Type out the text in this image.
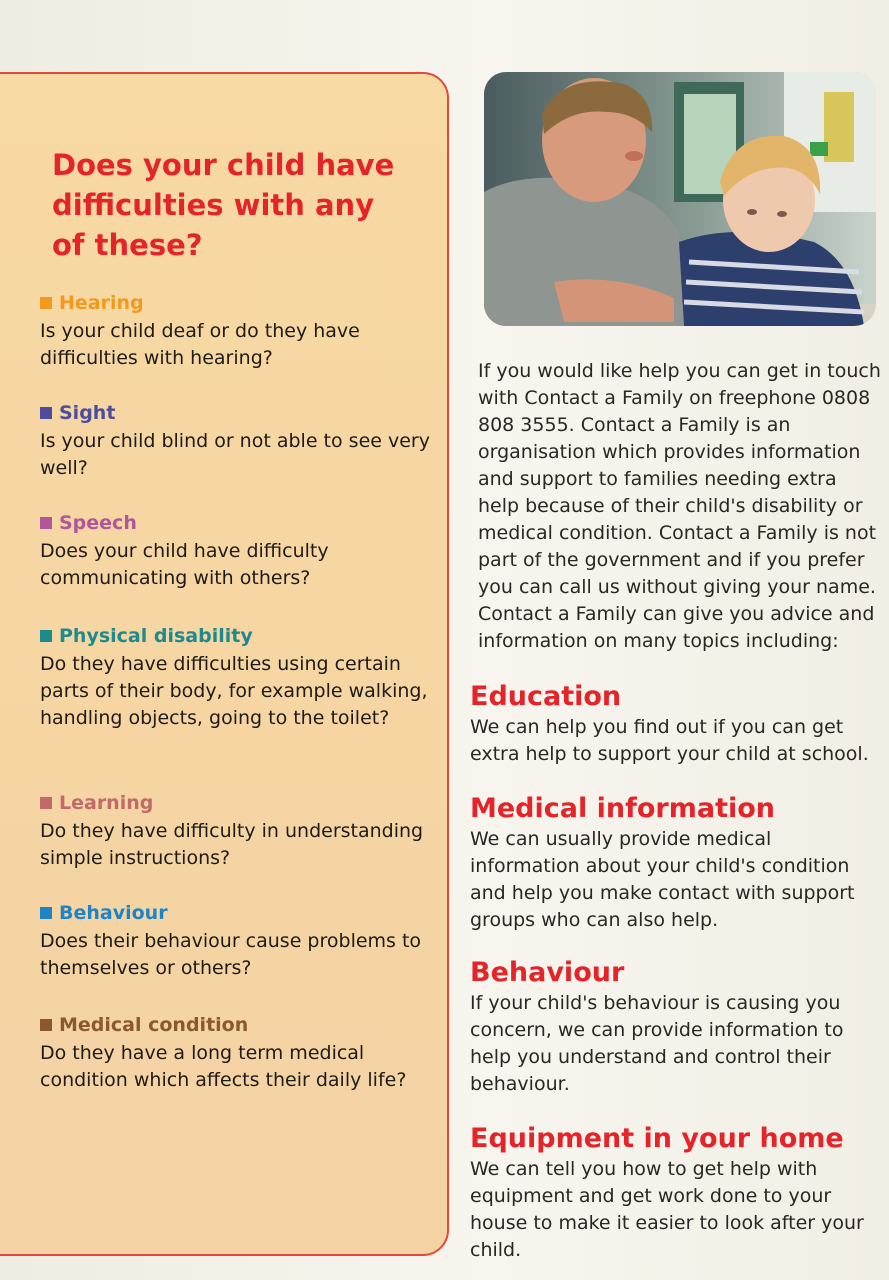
Does your child have difficulties with any of these?
Hearing
Is your child deaf or do they have difficulties with hearing?
Sight
Is your child blind or not able to see very well?
Speech
Does your child have difficulty communicating with others?
Physical disability
Do they have difficulties using certain parts of their body, for example walking, handling objects, going to the toilet?
Learning
Do they have difficulty in understanding simple instructions?
Behaviour
Does their behaviour cause problems to themselves or others?
Medical condition
Do they have a long term medical condition which affects their daily life?

If you would like help you can get in touch with Contact a Family on freephone 0808 808 3555. Contact a Family is an organisation which provides information and support to families needing extra help because of their child's disability or medical condition. Contact a Family is not part of the government and if you prefer you can call us without giving your name. Contact a Family can give you advice and information on many topics including:

Education

We can help you find out if you can get extra help to support your child at school.

Medical information

We can usually provide medical information about your child's condition and help you make contact with support groups who can also help.

Behaviour

If your child's behaviour is causing you concern, we can provide information to help you understand and control their behaviour.

Equipment in your home

We can tell you how to get help with equipment and get work done to your house to make it easier to look after your child.
